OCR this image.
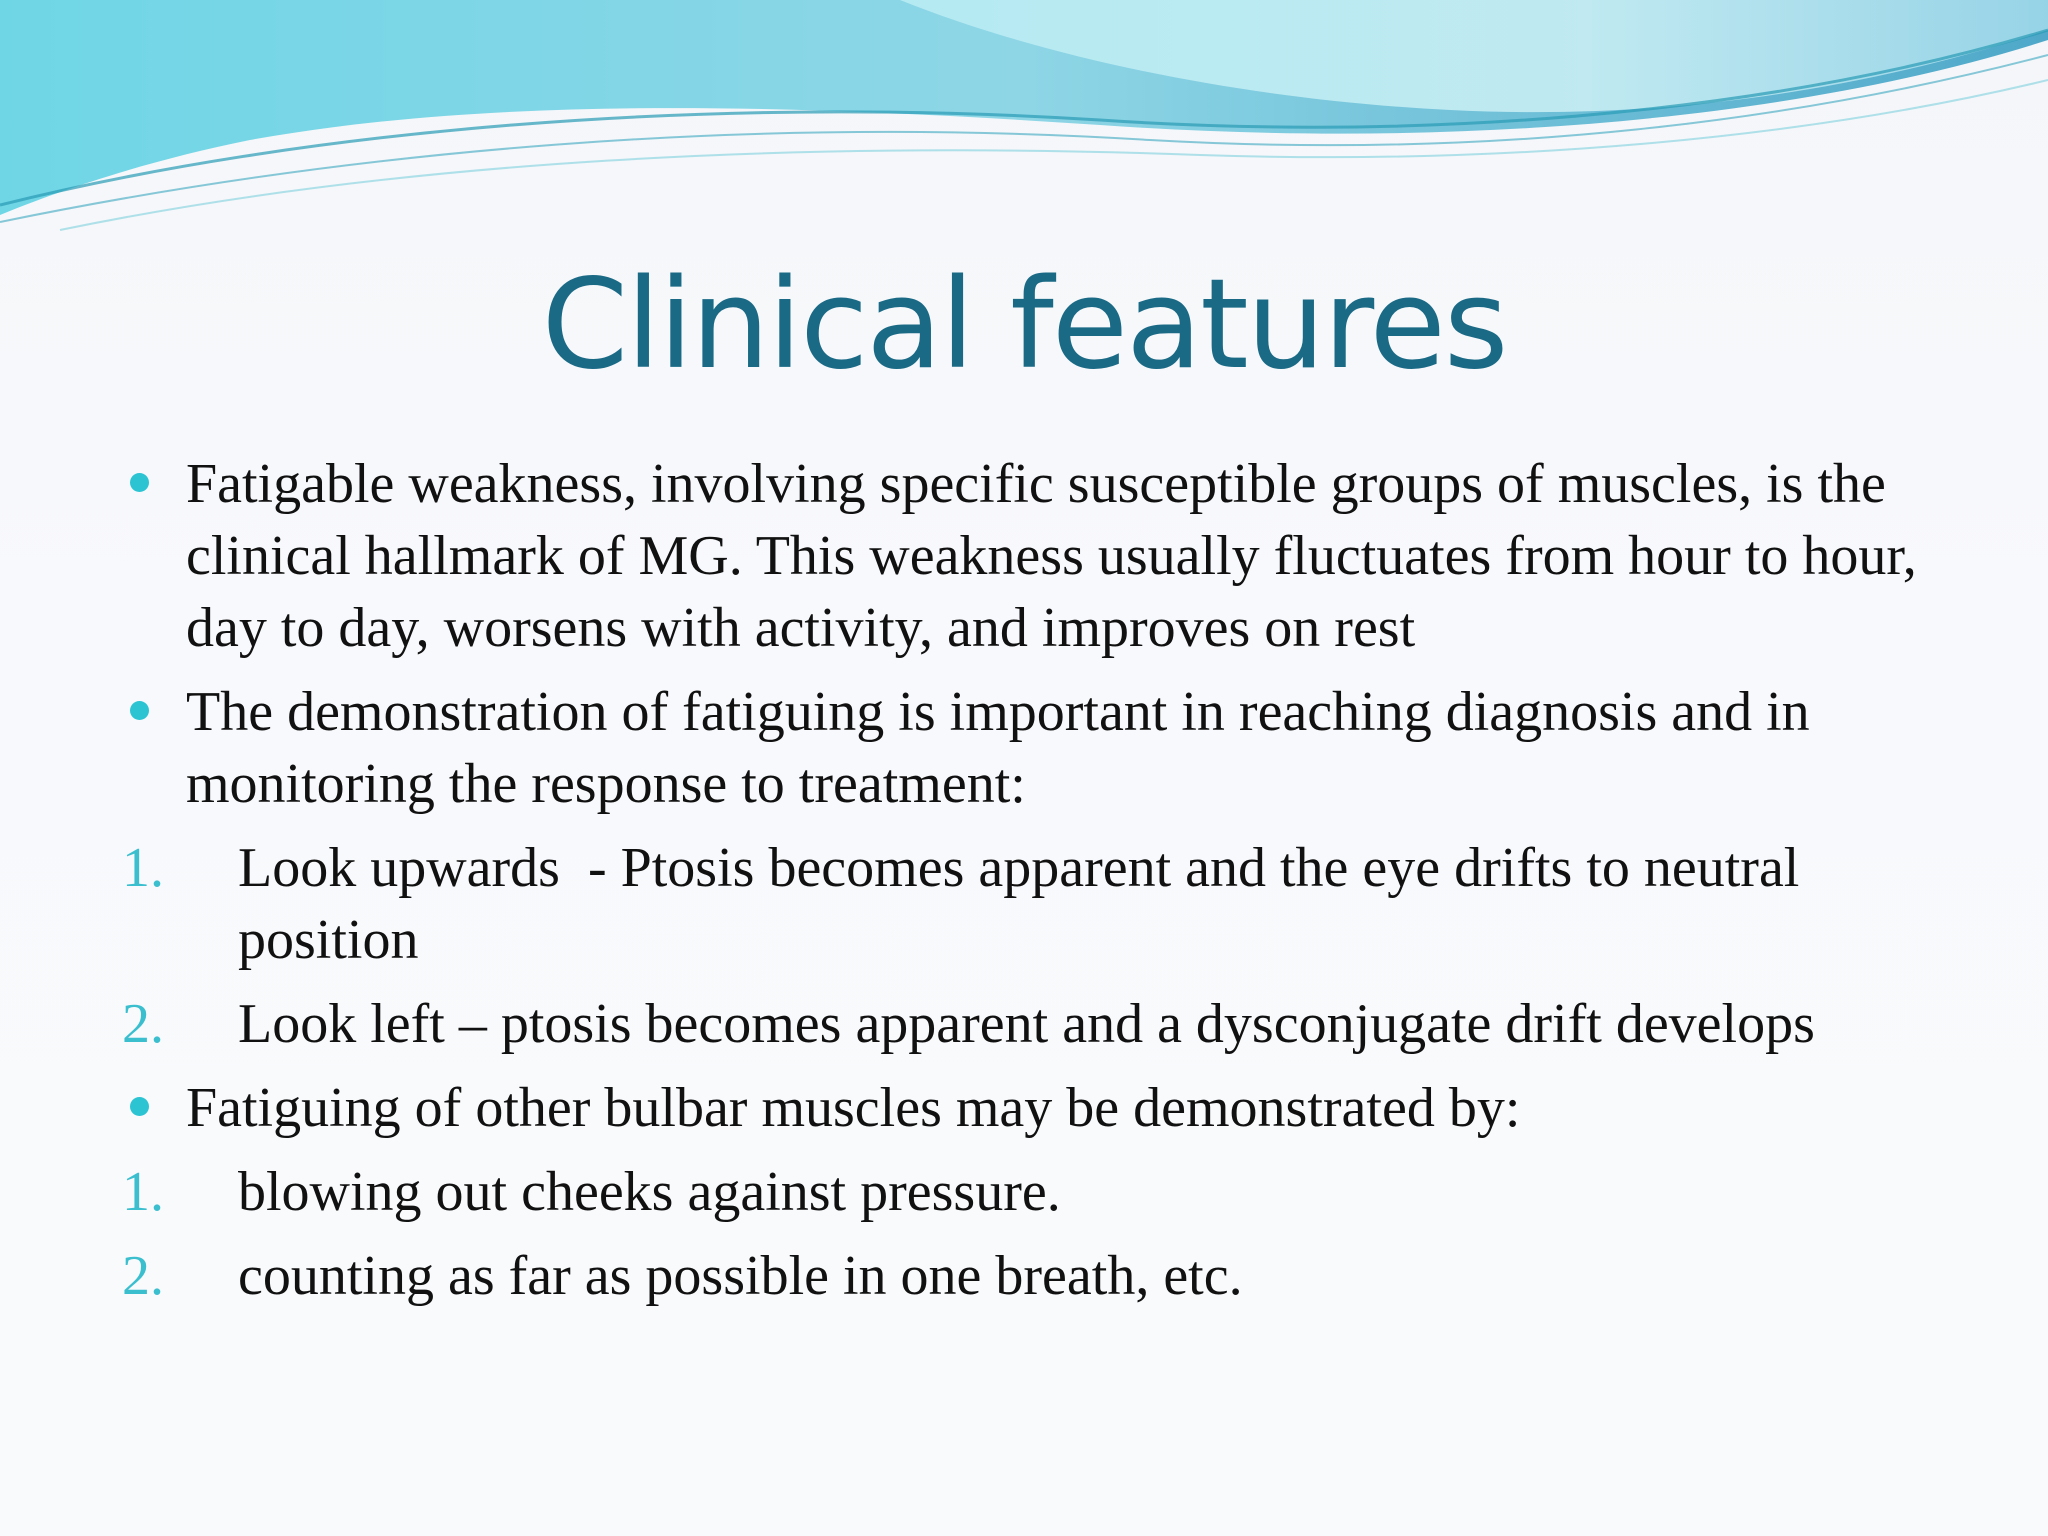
Clinical features
Fatigable weakness, involving specific susceptible groups of muscles, is the clinical hallmark of MG. This weakness usually fluctuates from hour to hour, day to day, worsens with activity, and improves on rest
The demonstration of fatiguing is important in reaching diagnosis and in monitoring the response to treatment:
1. Look upwards  - Ptosis becomes apparent and the eye drifts to neutral position
2. Look left – ptosis becomes apparent and a dysconjugate drift develops
Fatiguing of other bulbar muscles may be demonstrated by:
1. blowing out cheeks against pressure.
2. counting as far as possible in one breath, etc.
